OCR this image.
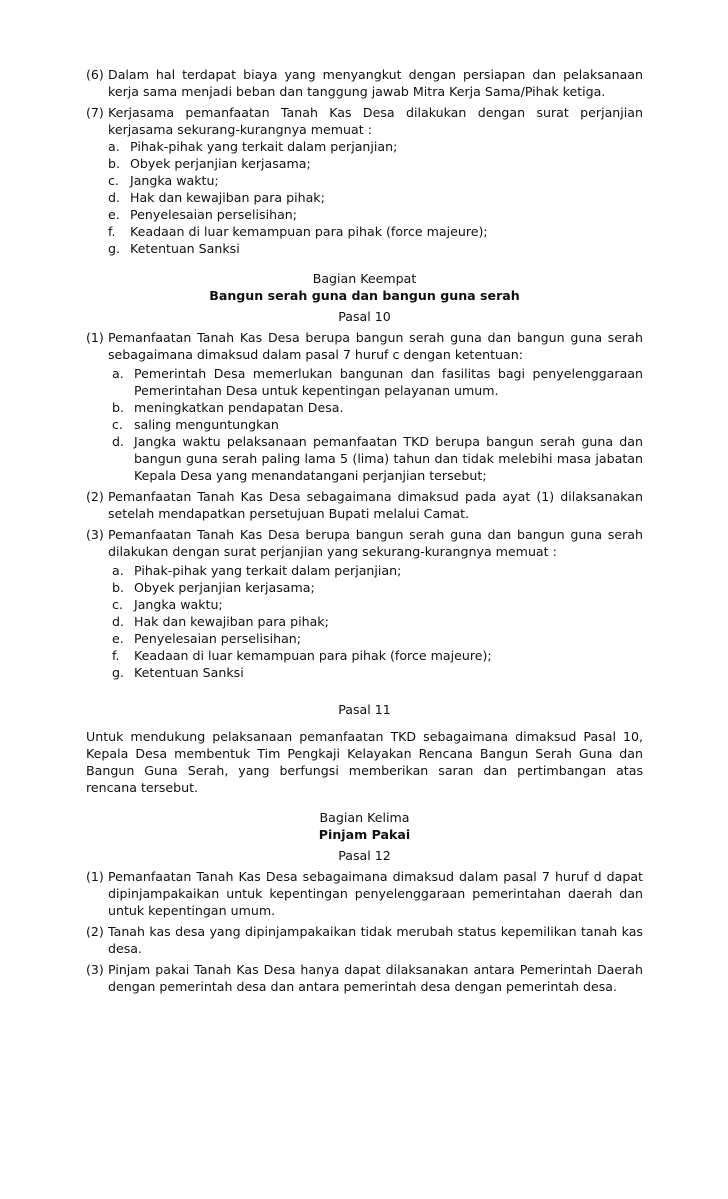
(6) Dalam hal terdapat biaya yang menyangkut dengan persiapan dan pelaksanaan kerja sama menjadi beban dan tanggung jawab Mitra Kerja Sama/Pihak ketiga.
(7) Kerjasama pemanfaatan Tanah Kas Desa dilakukan dengan surat perjanjian kerjasama sekurang-kurangnya memuat :
a. Pihak-pihak yang terkait dalam perjanjian;
b. Obyek perjanjian kerjasama;
c. Jangka waktu;
d. Hak dan kewajiban para pihak;
e. Penyelesaian perselisihan;
f.	Keadaan di luar kemampuan para pihak (force majeure);
g. Ketentuan Sanksi
Bagian Keempat
Bangun serah guna dan bangun guna serah
Pasal 10
(1) Pemanfaatan Tanah Kas Desa berupa bangun serah guna dan bangun guna serah sebagaimana dimaksud dalam pasal 7 huruf c dengan ketentuan:
a. Pemerintah Desa memerlukan bangunan dan fasilitas bagi penyelenggaraan Pemerintahan Desa untuk kepentingan pelayanan umum.
b. meningkatkan pendapatan Desa.
c. saling menguntungkan
d. Jangka waktu pelaksanaan pemanfaatan TKD berupa bangun serah guna dan bangun guna serah paling lama 5 (lima) tahun dan tidak melebihi masa jabatan Kepala Desa yang menandatangani perjanjian tersebut;
(2) Pemanfaatan Tanah Kas Desa sebagaimana dimaksud pada ayat (1) dilaksanakan setelah mendapatkan persetujuan Bupati melalui Camat.
(3) Pemanfaatan Tanah Kas Desa berupa bangun serah guna dan bangun guna serah dilakukan dengan surat perjanjian yang sekurang-kurangnya memuat :
a. Pihak-pihak yang terkait dalam perjanjian;
b. Obyek perjanjian kerjasama;
c. Jangka waktu;
d. Hak dan kewajiban para pihak;
e. Penyelesaian perselisihan;
f.	Keadaan di luar kemampuan para pihak (force majeure);
g. Ketentuan Sanksi
Pasal 11
Untuk mendukung pelaksanaan pemanfaatan TKD sebagaimana dimaksud Pasal 10, Kepala Desa membentuk Tim Pengkaji Kelayakan Rencana Bangun Serah Guna dan Bangun Guna Serah, yang berfungsi memberikan saran dan pertimbangan atas rencana tersebut.
Bagian Kelima
Pinjam Pakai
Pasal 12
(1) Pemanfaatan Tanah Kas Desa sebagaimana dimaksud dalam pasal 7 huruf d dapat dipinjampakaikan untuk kepentingan penyelenggaraan pemerintahan daerah dan untuk kepentingan umum.
(2) Tanah kas desa yang dipinjampakaikan tidak merubah status kepemilikan tanah kas desa.
(3) Pinjam pakai Tanah Kas Desa hanya dapat dilaksanakan antara Pemerintah Daerah dengan pemerintah desa dan antara pemerintah desa dengan pemerintah desa.
